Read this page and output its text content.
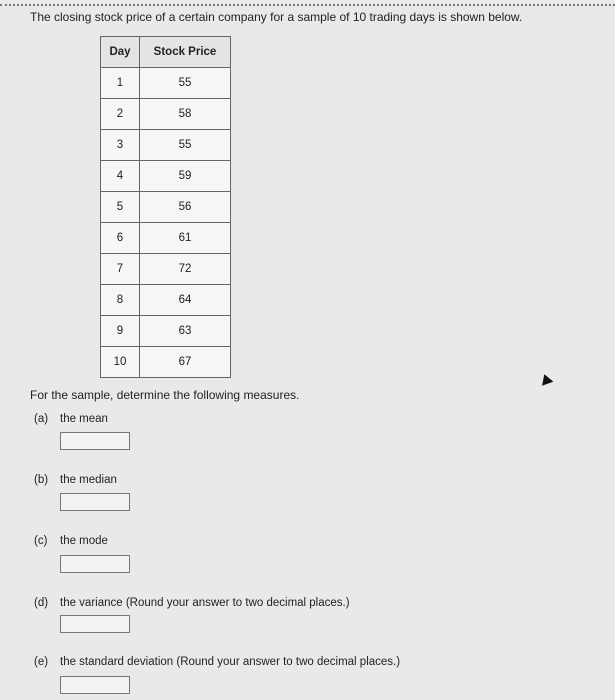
The closing stock price of a certain company for a sample of 10 trading days is shown below.
Day	Stock Price
1	55
2	58
3	55
4	59
5	56
6	61
7	72
8	64
9	63
10	67
For the sample, determine the following measures.
(a) the mean
(b) the median
(c) the mode
(d) the variance (Round your answer to two decimal places.)
(e) the standard deviation (Round your answer to two decimal places.)
